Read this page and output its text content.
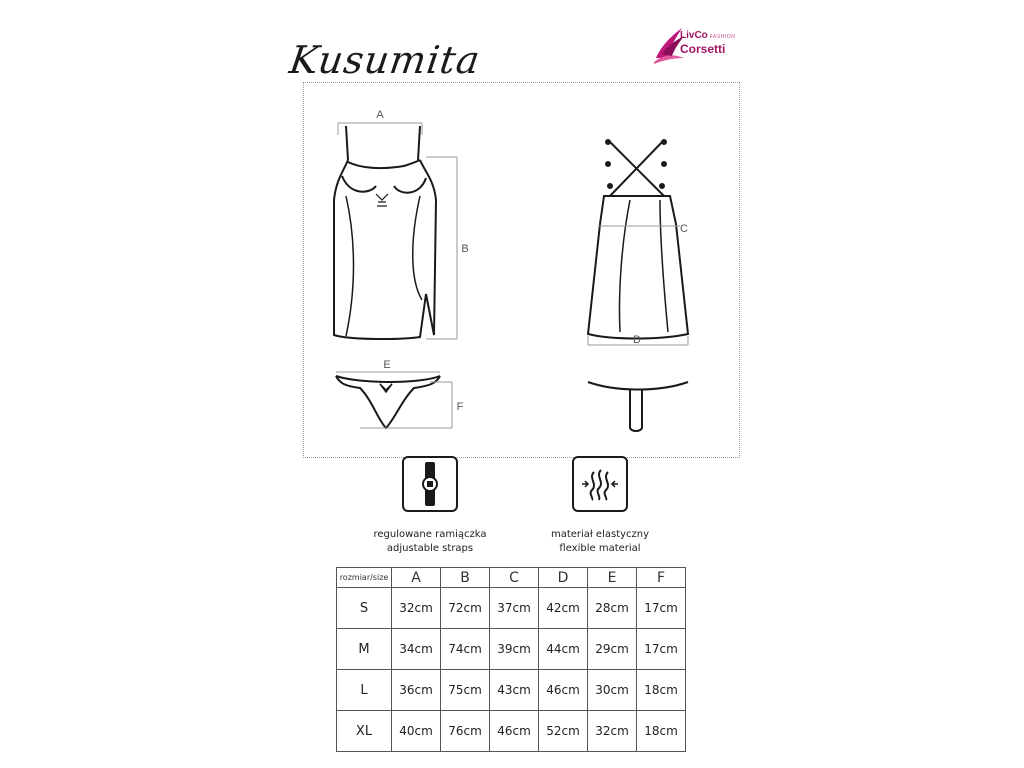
Kusumita
LivCo FASHION
Corsetti
A
B
C
D
E
F
regulowane ramiączka
adjustable straps
materiał elastyczny
flexible material
rozmiar/size	A	B	C	D	E	F
S	32cm	72cm	37cm	42cm	28cm	17cm
M	34cm	74cm	39cm	44cm	29cm	17cm
L	36cm	75cm	43cm	46cm	30cm	18cm
XL	40cm	76cm	46cm	52cm	32cm	18cm
